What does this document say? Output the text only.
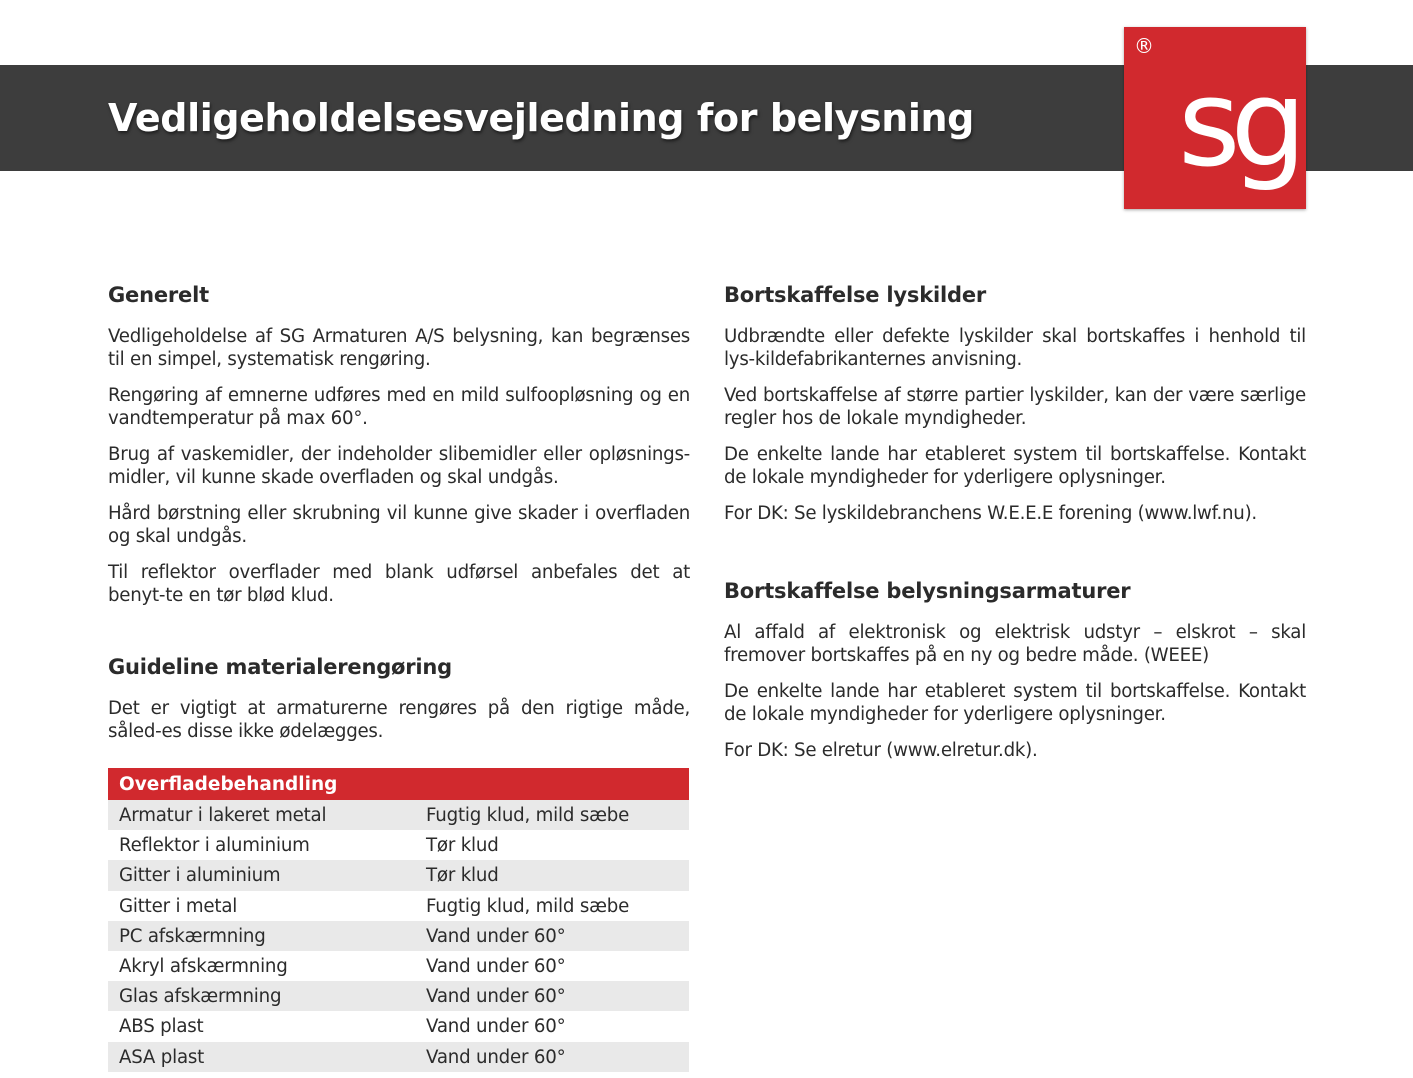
Vedligeholdelsesvejledning for belysning
®
sg
Generelt

Vedligeholdelse af SG Armaturen A/S belysning, kan begrænses til en simpel, systematisk rengøring.

Rengøring af emnerne udføres med en mild sulfoopløsning og en vandtemperatur på max 60°.

Brug af vaskemidler, der indeholder slibemidler eller opløsnings-midler, vil kunne skade overfladen og skal undgås.

Hård børstning eller skrubning vil kunne give skader i overfladen og skal undgås.

Til reflektor overflader med blank udførsel anbefales det at benyt-te en tør blød klud.

Guideline materialerengøring

Det er vigtigt at armaturerne rengøres på den rigtige måde, såled-es disse ikke ødelægges.

Bortskaffelse lyskilder

Udbrændte eller defekte lyskilder skal bortskaffes i henhold til lys-kildefabrikanternes anvisning.

Ved bortskaffelse af større partier lyskilder, kan der være særlige regler hos de lokale myndigheder.

De enkelte lande har etableret system til bortskaffelse. Kontakt de lokale myndigheder for yderligere oplysninger.

For DK: Se lyskildebranchens W.E.E.E forening (www.lwf.nu).

Bortskaffelse belysningsarmaturer

Al affald af elektronisk og elektrisk udstyr – elskrot – skal fremover bortskaffes på en ny og bedre måde. (WEEE)

De enkelte lande har etableret system til bortskaffelse. Kontakt de lokale myndigheder for yderligere oplysninger.

For DK: Se elretur (www.elretur.dk).

Overfladebehandling
Armatur i lakeret metal	Fugtig klud, mild sæbe
Reflektor i aluminium	Tør klud
Gitter i aluminium	Tør klud
Gitter i metal	Fugtig klud, mild sæbe
PC afskærmning	Vand under 60°
Akryl afskærmning	Vand under 60°
Glas afskærmning	Vand under 60°
ABS plast	Vand under 60°
ASA plast	Vand under 60°
